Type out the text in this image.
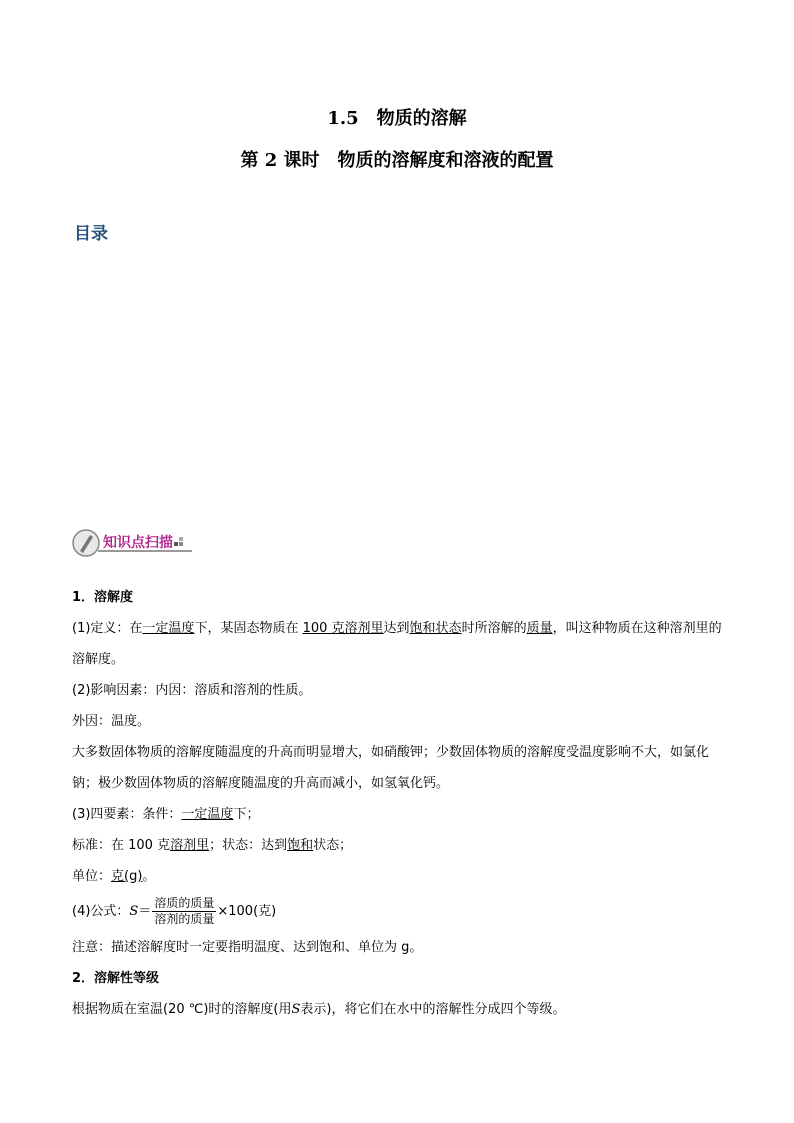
1.5　物质的溶解
第 2 课时　物质的溶解度和溶液的配置
目录
知识点扫描

1．溶解度

(1)定义：在一定温度下，某固态物质在 100 克溶剂里达到饱和状态时所溶解的质量，叫这种物质在这种溶剂里的溶解度。

(2)影响因素：内因：溶质和溶剂的性质。

外因：温度。

大多数固体物质的溶解度随温度的升高而明显增大，如硝酸钾；少数固体物质的溶解度受温度影响不大，如氯化钠；极少数固体物质的溶解度随温度的升高而减小，如氢氧化钙。

(3)四要素：条件：一定温度下；

标准：在 100 克溶剂里；状态：达到饱和状态；

单位：克(g)。

(4)公式：$S= \frac{\text{溶质的质量}}{\text{溶剂的质量}} \times 100$(克)

注意：描述溶解度时一定要指明温度、达到饱和、单位为 g。

2．溶解性等级

根据物质在室温(20 ℃)时的溶解度(用S表示)，将它们在水中的溶解性分成四个等级。
